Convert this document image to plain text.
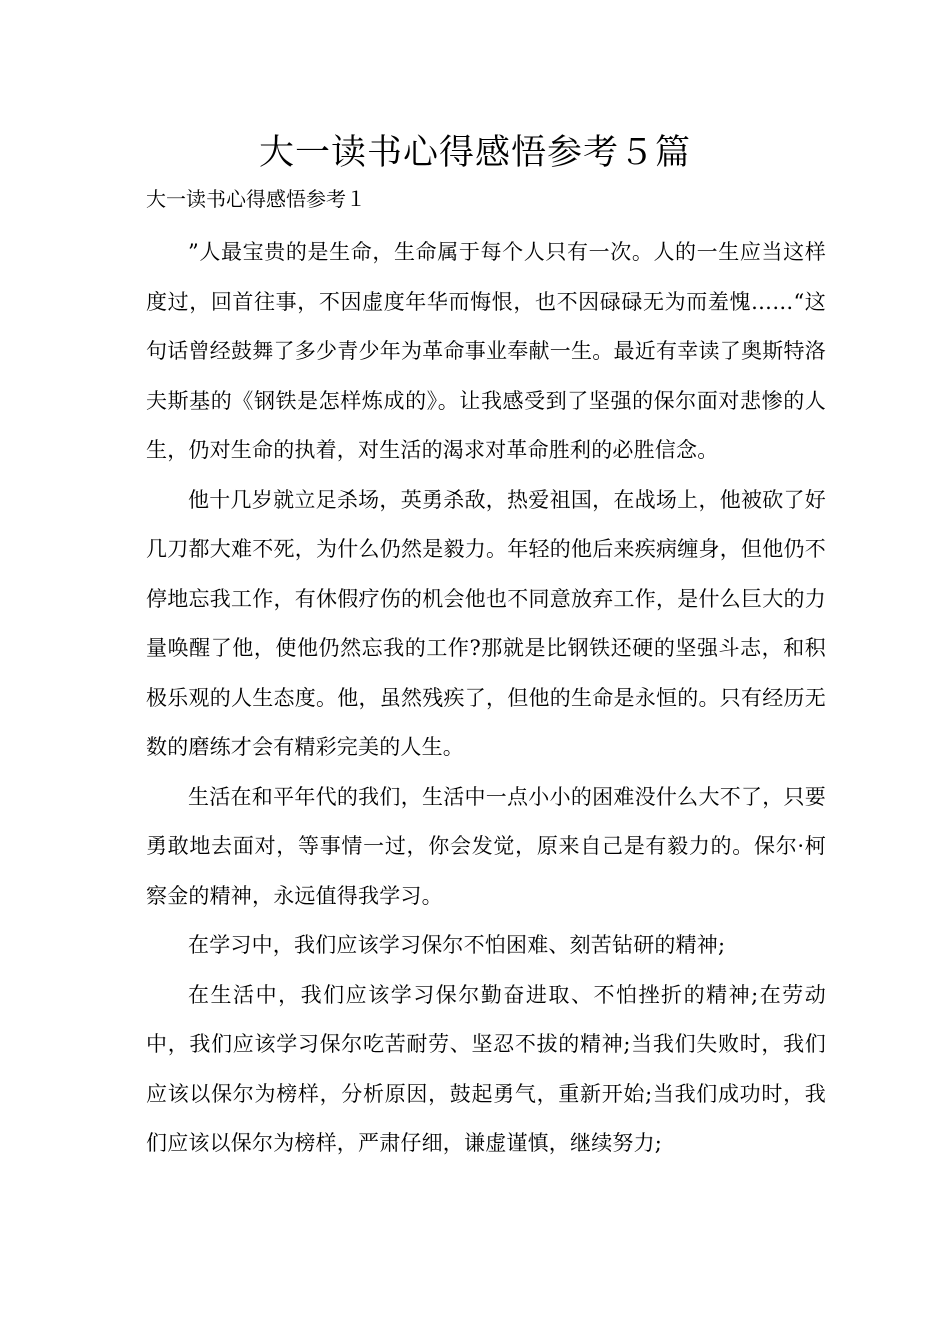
大一读书心得感悟参考５篇

大一读书心得感悟参考１

”人最宝贵的是生命，生命属于每个人只有一次。人的一生应当这样度过，回首往事，不因虚度年华而悔恨，也不因碌碌无为而羞愧……“这句话曾经鼓舞了多少青少年为革命事业奉献一生。最近有幸读了奥斯特洛夫斯基的《钢铁是怎样炼成的》。让我感受到了坚强的保尔面对悲惨的人生，仍对生命的执着，对生活的渴求对革命胜利的必胜信念。

他十几岁就立足杀场，英勇杀敌，热爱祖国，在战场上，他被砍了好几刀都大难不死，为什么仍然是毅力。年轻的他后来疾病缠身，但他仍不停地忘我工作，有休假疗伤的机会他也不同意放弃工作，是什么巨大的力量唤醒了他，使他仍然忘我的工作?那就是比钢铁还硬的坚强斗志，和积极乐观的人生态度。他，虽然残疾了，但他的生命是永恒的。只有经历无数的磨练才会有精彩完美的人生。

生活在和平年代的我们，生活中一点小小的困难没什么大不了，只要勇敢地去面对，等事情一过，你会发觉，原来自己是有毅力的。保尔·柯察金的精神，永远值得我学习。

在学习中，我们应该学习保尔不怕困难、刻苦钻研的精神;

在生活中，我们应该学习保尔勤奋进取、不怕挫折的精神;在劳动中，我们应该学习保尔吃苦耐劳、坚忍不拔的精神;当我们失败时，我们应该以保尔为榜样，分析原因，鼓起勇气，重新开始;当我们成功时，我们应该以保尔为榜样，严肃仔细，谦虚谨慎，继续努力;
